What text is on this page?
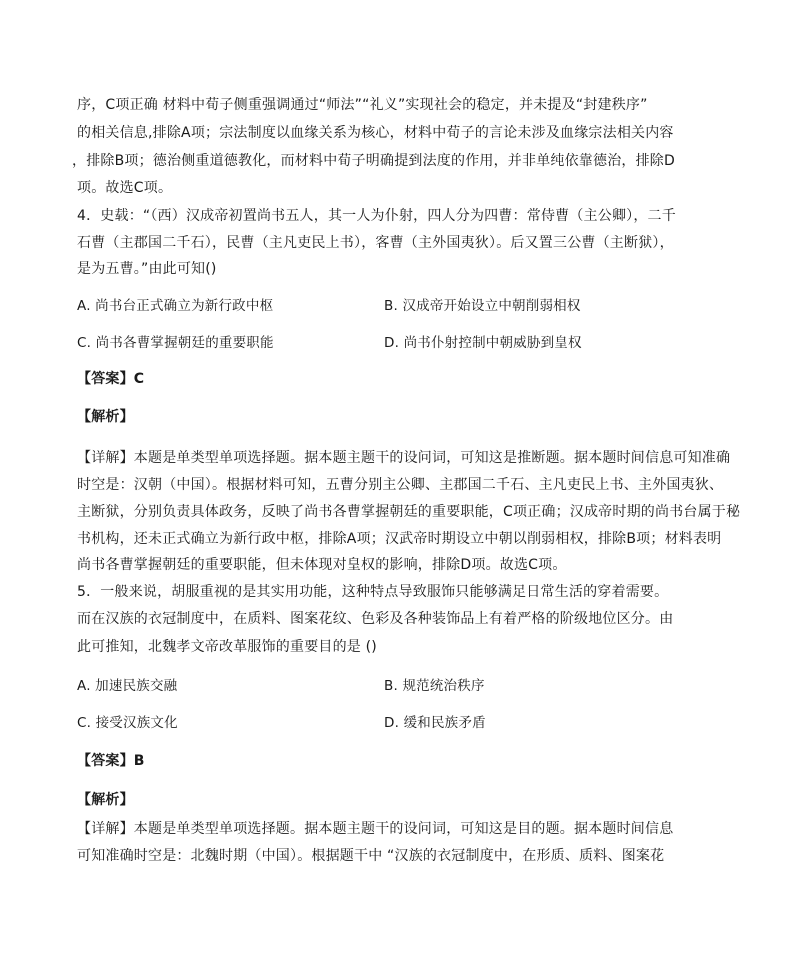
序，C项正确 材料中荀子侧重强调通过“师法”“礼义”实现社会的稳定，并未提及“封建秩序”
的相关信息,排除A项；宗法制度以血缘关系为核心，材料中荀子的言论未涉及血缘宗法相关内容
，排除B项；德治侧重道德教化，而材料中荀子明确提到法度的作用，并非单纯依靠德治，排除D
项。故选C项。
4．史载：“（西）汉成帝初置尚书五人，其一人为仆射，四人分为四曹：常侍曹（主公卿），二千
石曹（主郡国二千石），民曹（主凡吏民上书），客曹（主外国夷狄）。后又置三公曹（主断狱），
是为五曹。”由此可知()
A. 尚书台正式确立为新行政中枢	B. 汉成帝开始设立中朝削弱相权
C. 尚书各曹掌握朝廷的重要职能	D. 尚书仆射控制中朝威胁到皇权
【答案】C
【解析】
【详解】本题是单类型单项选择题。据本题主题干的设问词，可知这是推断题。据本题时间信息可知准确
时空是：汉朝（中国）。根据材料可知，五曹分别主公卿、主郡国二千石、主凡吏民上书、主外国夷狄、
主断狱，分别负责具体政务，反映了尚书各曹掌握朝廷的重要职能，C项正确；汉成帝时期的尚书台属于秘
书机构，还未正式确立为新行政中枢，排除A项；汉武帝时期设立中朝以削弱相权，排除B项；材料表明
尚书各曹掌握朝廷的重要职能，但未体现对皇权的影响，排除D项。故选C项。
5．一般来说，胡服重视的是其实用功能，这种特点导致服饰只能够满足日常生活的穿着需要。
而在汉族的衣冠制度中，在质料、图案花纹、色彩及各种装饰品上有着严格的阶级地位区分。由
此可推知，北魏孝文帝改革服饰的重要目的是 ()
A. 加速民族交融	B. 规范统治秩序
C. 接受汉族文化	D. 缓和民族矛盾
【答案】B
【解析】
【详解】本题是单类型单项选择题。据本题主题干的设问词，可知这是目的题。据本题时间信息
可知准确时空是：北魏时期（中国）。根据题干中 “汉族的衣冠制度中，在形质、质料、图案花
